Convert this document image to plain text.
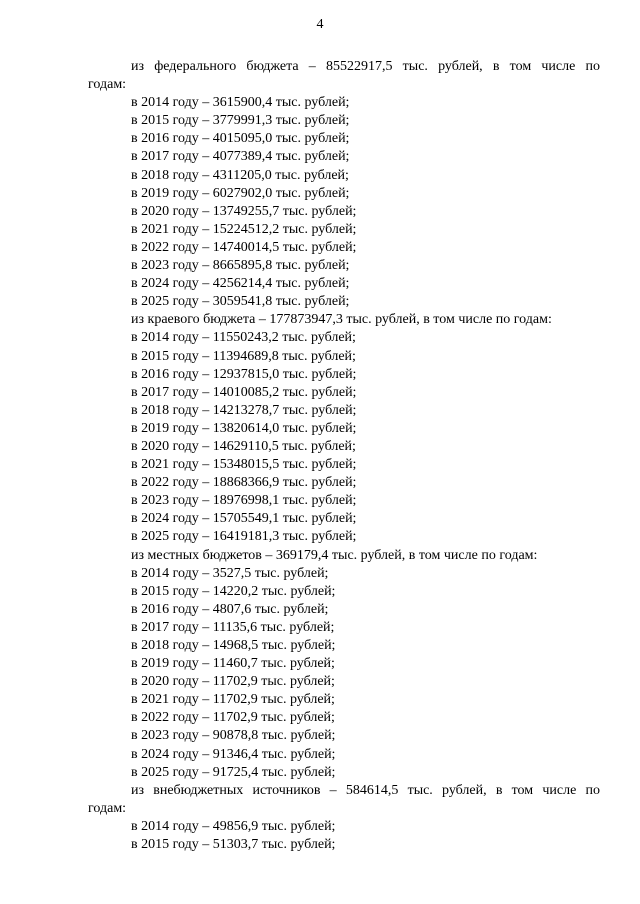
4
из федерального бюджета – 85522917,5 тыс. рублей, в том числе по
годам:
в 2014 году – 3615900,4 тыс. рублей;
в 2015 году – 3779991,3 тыс. рублей;
в 2016 году – 4015095,0 тыс. рублей;
в 2017 году – 4077389,4 тыс. рублей;
в 2018 году – 4311205,0 тыс. рублей;
в 2019 году – 6027902,0 тыс. рублей;
в 2020 году – 13749255,7 тыс. рублей;
в 2021 году – 15224512,2 тыс. рублей;
в 2022 году – 14740014,5 тыс. рублей;
в 2023 году – 8665895,8 тыс. рублей;
в 2024 году – 4256214,4 тыс. рублей;
в 2025 году – 3059541,8 тыс. рублей;
из краевого бюджета – 177873947,3 тыс. рублей, в том числе по годам:
в 2014 году – 11550243,2 тыс. рублей;
в 2015 году – 11394689,8 тыс. рублей;
в 2016 году – 12937815,0 тыс. рублей;
в 2017 году – 14010085,2 тыс. рублей;
в 2018 году – 14213278,7 тыс. рублей;
в 2019 году – 13820614,0 тыс. рублей;
в 2020 году – 14629110,5 тыс. рублей;
в 2021 году – 15348015,5 тыс. рублей;
в 2022 году – 18868366,9 тыс. рублей;
в 2023 году – 18976998,1 тыс. рублей;
в 2024 году – 15705549,1 тыс. рублей;
в 2025 году – 16419181,3 тыс. рублей;
из местных бюджетов – 369179,4 тыс. рублей, в том числе по годам:
в 2014 году – 3527,5 тыс. рублей;
в 2015 году – 14220,2 тыс. рублей;
в 2016 году – 4807,6 тыс. рублей;
в 2017 году – 11135,6 тыс. рублей;
в 2018 году – 14968,5 тыс. рублей;
в 2019 году – 11460,7 тыс. рублей;
в 2020 году – 11702,9 тыс. рублей;
в 2021 году – 11702,9 тыс. рублей;
в 2022 году – 11702,9 тыс. рублей;
в 2023 году – 90878,8 тыс. рублей;
в 2024 году – 91346,4 тыс. рублей;
в 2025 году – 91725,4 тыс. рублей;
из внебюджетных источников – 584614,5 тыс. рублей, в том числе по
годам:
в 2014 году – 49856,9 тыс. рублей;
в 2015 году – 51303,7 тыс. рублей;
